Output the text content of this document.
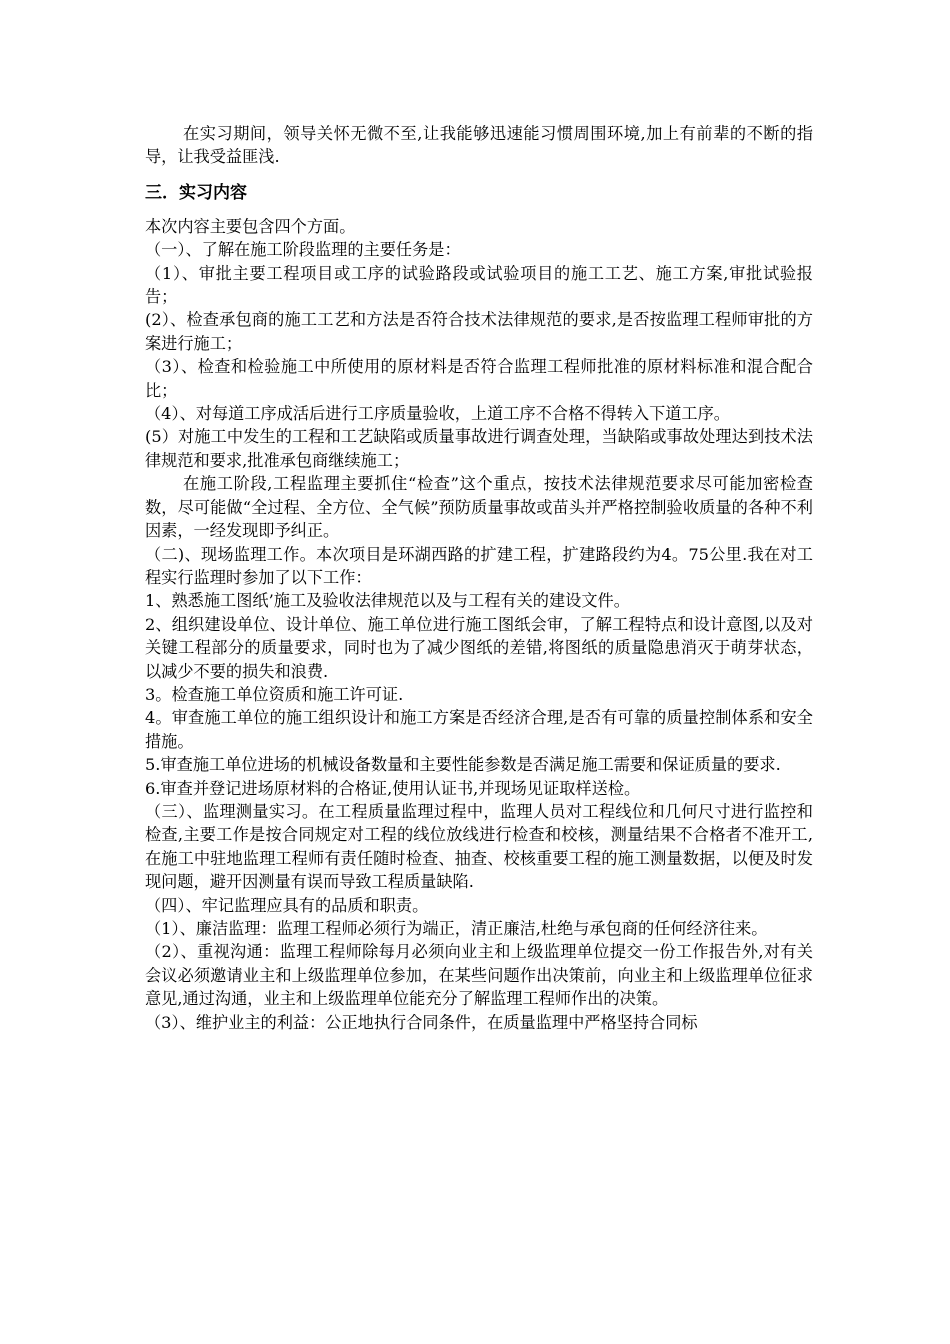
在实习期间，领导关怀无微不至,让我能够迅速能习惯周围环境,加上有前辈的不断的指导，让我受益匪浅.

三．实习内容

本次内容主要包含四个方面。

（一）、了解在施工阶段监理的主要任务是：

（1）、审批主要工程项目或工序的试验路段或试验项目的施工工艺、施工方案,审批试验报告；

(2）、检查承包商的施工工艺和方法是否符合技术法律规范的要求,是否按监理工程师审批的方案进行施工；

（3）、检查和检验施工中所使用的原材料是否符合监理工程师批准的原材料标准和混合配合比；

（4）、对每道工序成活后进行工序质量验收，上道工序不合格不得转入下道工序。

(5）对施工中发生的工程和工艺缺陷或质量事故进行调查处理，当缺陷或事故处理达到技术法律规范和要求,批准承包商继续施工；

在施工阶段,工程监理主要抓住“检查”这个重点，按技术法律规范要求尽可能加密检查数，尽可能做“全过程、全方位、全气候”预防质量事故或苗头并严格控制验收质量的各种不利因素，一经发现即予纠正。

（二)、现场监理工作。本次项目是环湖西路的扩建工程，扩建路段约为4。75公里.我在对工程实行监理时参加了以下工作：

1、熟悉施工图纸’施工及验收法律规范以及与工程有关的建设文件。

2、组织建设单位、设计单位、施工单位进行施工图纸会审，了解工程特点和设计意图,以及对关键工程部分的质量要求，同时也为了减少图纸的差错,将图纸的质量隐患消灭于萌芽状态，以减少不要的损失和浪费.

3。检查施工单位资质和施工许可证.

4。审查施工单位的施工组织设计和施工方案是否经济合理,是否有可靠的质量控制体系和安全措施。

5.审查施工单位进场的机械设备数量和主要性能参数是否满足施工需要和保证质量的要求.

6.审查并登记进场原材料的合格证,使用认证书,并现场见证取样送检。

（三）、监理测量实习。在工程质量监理过程中，监理人员对工程线位和几何尺寸进行监控和检查,主要工作是按合同规定对工程的线位放线进行检查和校核，测量结果不合格者不准开工,在施工中驻地监理工程师有责任随时检查、抽查、校核重要工程的施工测量数据，以便及时发现问题，避开因测量有误而导致工程质量缺陷.

（四）、牢记监理应具有的品质和职责。

（1）、廉洁监理：监理工程师必须行为端正，清正廉洁,杜绝与承包商的任何经济往来。

（2）、重视沟通：监理工程师除每月必须向业主和上级监理单位提交一份工作报告外,对有关会议必须邀请业主和上级监理单位参加，在某些问题作出决策前，向业主和上级监理单位征求意见,通过沟通，业主和上级监理单位能充分了解监理工程师作出的决策。

（3）、维护业主的利益：公正地执行合同条件，在质量监理中严格坚持合同标
